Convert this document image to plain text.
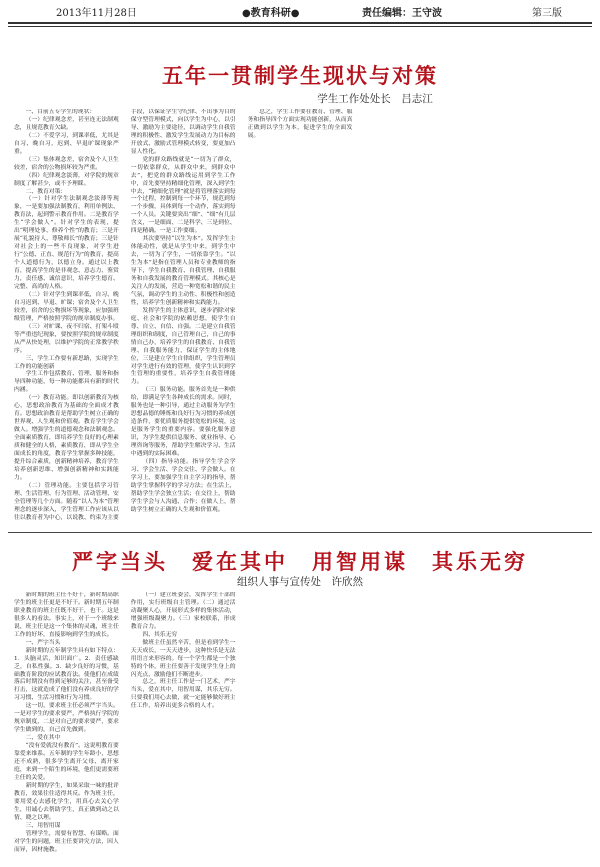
2013年11月28日	●教育科研●	责任编辑：王守波	第三版
五年一贯制学生现状与对策
学生工作处处长　吕志江

一、目前五专学生的现状：

（一）纪律观念差，甚至连无法制观念，且规范教育欠缺。

（二）不爱学习，到课率低，尤其是自习、晚自习，迟到、早退旷课现象严重。

（三）集体观念差，宿舍及个人卫生较差，宿舍的公物损坏较为严重。

（四）纪律观念淡薄，对学院的规章制度了解甚少，或不予理睬。

二、教育对策：

（一）针对学生法制观念淡薄等现象，一是要加强法制教育，利用单例法、教育法，起到警示教育作用。二是教育学生“学会做人”。针对学生的表现，提出“明理处事、修养个性”的教育；三是开展“礼貌待人、尊敬师长”的教育；三是针对社会上的一些不良现象，对学生进行“公德、正直、规范行为”的教育，提高个人道德行为，以德立身。通过以上教育，提高学生的是非观念、意志力、鉴赏力，责任感、诚信意识，培养学生德育、完整、高尚的人格。

（二）针对学生到课率低，自习、晚自习迟到、早退、旷课；宿舍及个人卫生较差，宿舍的公物损坏等现象，应加强班级管理，严格按照学院的规章制度办事。

（三）对旷课、夜不归宿、打架斗殴等严重违纪现象，要按照学院的规章制度从严从快处理，以维护学院的正常教学秩序。

三、学生工作要有新思路，实现学生工作的功能创新

学生工作包括教育、管理、服务和指导四种功能，每一种功能都具有新的时代内涵。

（一）教育功能。即以创新教育为核心，思想政治教育为基础的全面成才教育。思想政治教育是帮助学生树立正确的世界观、人生观和价值观。教育学生学会做人。增强学生的道德观念和法制观念。全面素质教育，即培养学生良好的心理素质和健全的人格，素质教育，即从学生全面成长的角度，教育学生掌握多种技能，提升综合素质，创新精神培养，教育学生培养创新思维、增强创新精神和实践能力。

（二）管理功能。主要包括学习管理、生活管理、行为管理、活动管理、安全管理等几个方面。随着“以人为本”管理理念的逐步深入，学生管理工作应该从以往以教育者为中心，以说教、约束为主要手段，以保证学生守纪律、不出事为目的保守型管理模式，向以学生为中心，以引导、激励为主要途径，以调动学生自我管理的积极性、激发学生发展动力为目标的开放式、激励式管理模式转变，要更加凸显人性化。

党的群众路线就是“一切为了群众，一切依靠群众，从群众中来，到群众中去”，把党的群众路线运用到学生工作中，首先要坚持精细化管理，深入到学生中去，“精细化管理”就是将管理落实到每一个过程，控制到每一个环节，规范到每一个步骤，具体到每一个动作，落实到每一个人员。关键要突出“细”、“细”有几层含义，一是细面、二是科学、三是到位、四是精确。一是工作要细。

其次要坚持“以生为本”。发挥学生主体能动性，就是从学生中来，到学生中去，一切为了学生，一切依靠学生。“以生为本”是指在管理人员和专业教师的指导下，学生自我教育、自我管理、自我服务和自我发展的教育管理模式。其核心是关注人的发展，营造一种宽松和谐的民主气氛，调动学生的主动性、积极性和创造性，培养学生创新精神和实践能力。

发挥学生的主体意识，逐步消除对家庭、社会和学院的依赖思想，使学生自尊、自立、自信、自强。二是建立自我管理组织和制度，自己管理自己，自己的事情自己办，培养学生的自我教育、自我管理、自我服务能力，保证学生的主体地位，三是建立学生自律组织，学生管理员对学生进行有效的管理，使学生认识到学生管理的重要性，培养学生自我管理能力。

（三）服务功能。服务首先是一种供给，即满足学生各种成长的需求。同时，服务也是一种引导，通过主动服务为学生思想品德的锤炼和良好行为习惯的养成创造条件，要优质服务提供宽松的环境，这是服务学生的重要内容。要强化服务意识，为学生提供信息服务、就业指导、心理咨询等服务，帮助学生解决学习、生活中遇到的实际困难。

（四）指导功能。指导学生学会学习、学会生活、学会交往、学会做人。在学习上，要加强学生自主学习的指导，帮助学生掌握科学的学习方法；在生活上，帮助学生学会独立生活；在交往上，帮助学生学会与人沟通、合作；在做人上，帮助学生树立正确的人生观和价值观。

总之，学生工作要在教育、管理、服务和指导四个方面实现功能创新，从而真正做到以学生为本，促进学生的全面发展。

严字当头　爱在其中　用智用谋　其乐无穷
组织人事与宣传处　许欣然

新时期的班主任不好干，新时期高职学生的班主任更是不好干。新时期五年制职业教育的班主任既不好干，也干。这是很多人的看法。事实上，对于一个班级来说，班主任是这一个集体的灵魂，班主任工作的好坏，直接影响到学生的成长。

一、严字当头

新时期的五年制学生具有如下特点：1．头脑灵活，知识面广。2．责任感缺乏，自私性强。3．缺少良好的习惯，基础教育阶段的应试教育法。使他们在成绩落后时期没有得到足够的关注，甚至备受打击，这就造成了他们没有养成良好的学习习惯、生活习惯和行为习惯。

这一切，要求班主任必须严字当头。一是对学生的要求要严，严格执行学院的规章制度，二是对自己的要求要严，要求学生做到的，自己首先做到。

二、爱在其中

“没有爱就没有教育”。这说明教育要靠爱来维系。五年制的学生年龄小，思想还不成熟，很多学生离开父母、离开家庭，来到一个陌生的环境，他们更需要班主任的关爱。

新时期的学生，如果采取一味的批评教育，效果往往适得其反。作为班主任，要用爱心去感化学生，用真心去关心学生，用诚心去帮助学生，真正做到动之以情、晓之以理。

三、用智用谋

管理学生，需要有智慧、有谋略。面对学生的问题，班主任要讲究方法，因人而异，因材施教。

（一）建立班委会，发挥学生干部的作用，实行班级自主管理。（二）通过活动凝聚人心，开展形式多样的集体活动，增强班级凝聚力。（三）家校联系，形成教育合力。

四、其乐无穷

做班主任虽然辛苦，但是看到学生一天天成长，一天天进步，这种快乐是无法用语言来形容的。每一个学生都是一个独特的个体，班主任要善于发现学生身上的闪光点，激励他们不断进步。

总之，班主任工作是一门艺术，严字当头，爱在其中，用智用谋，其乐无穷。只要我们用心去做，就一定能够做好班主任工作，培养出更多合格的人才。
